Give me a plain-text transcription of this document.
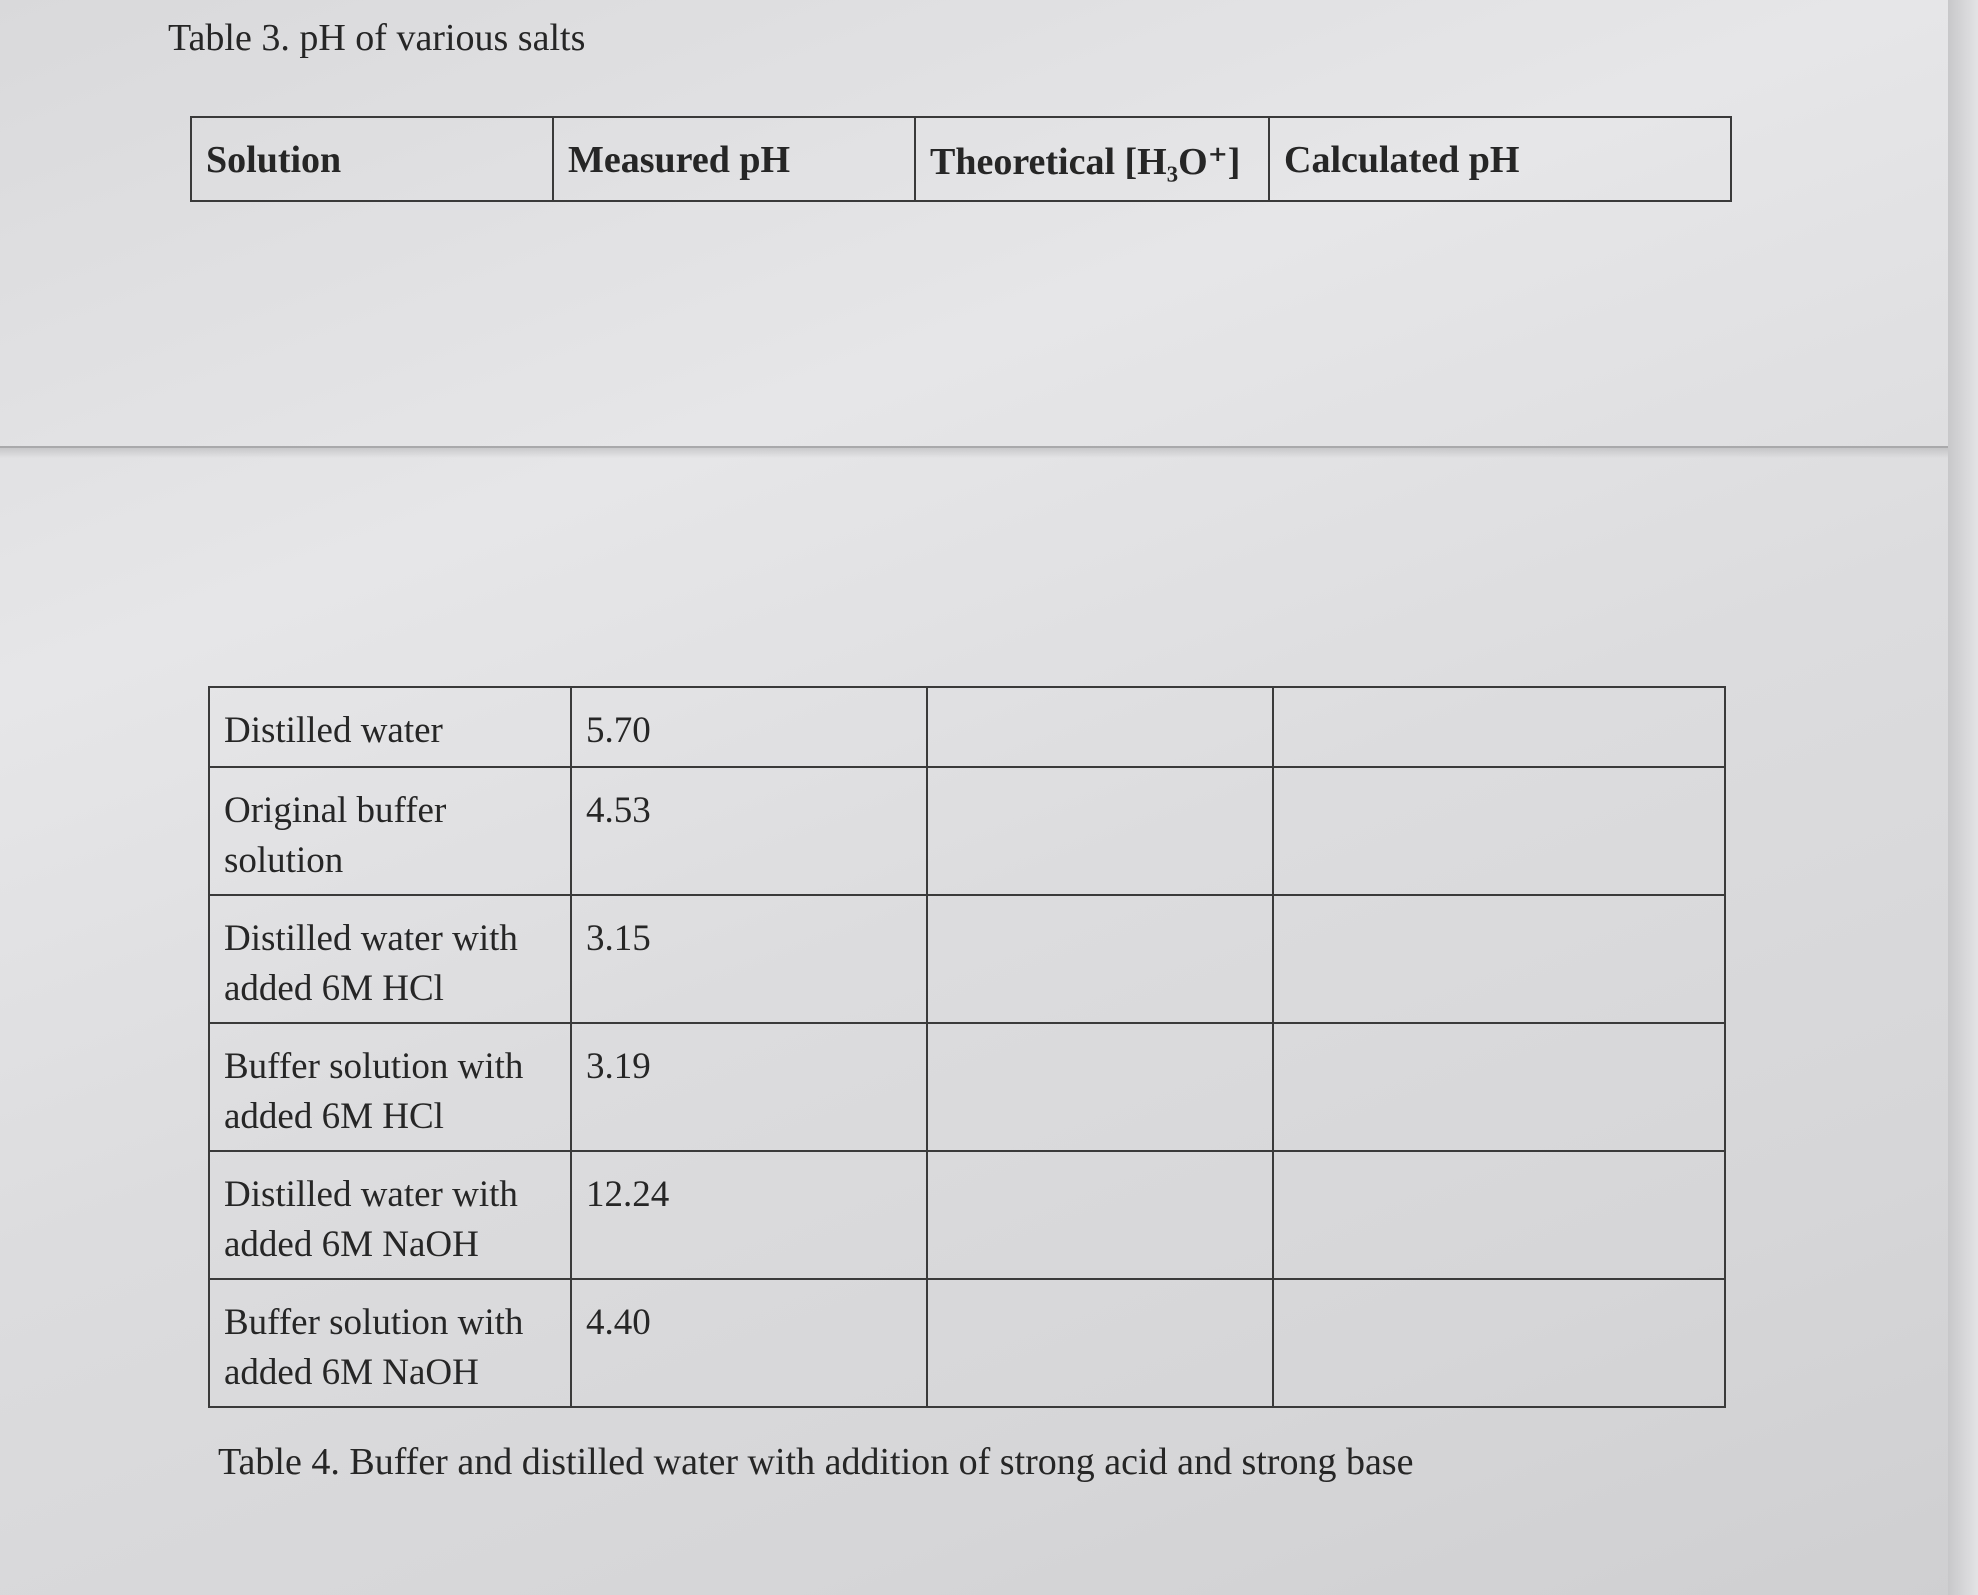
Table 3. pH of various salts
Solution	Measured pH	Theoretical [H₃O⁺]	Calculated pH
Distilled water	5.70		
Original buffer solution	4.53		
Distilled water with added 6M HCl	3.15		
Buffer solution with added 6M HCl	3.19		
Distilled water with added 6M NaOH	12.24		
Buffer solution with added 6M NaOH	4.40		
Table 4. Buffer and distilled water with addition of strong acid and strong base
